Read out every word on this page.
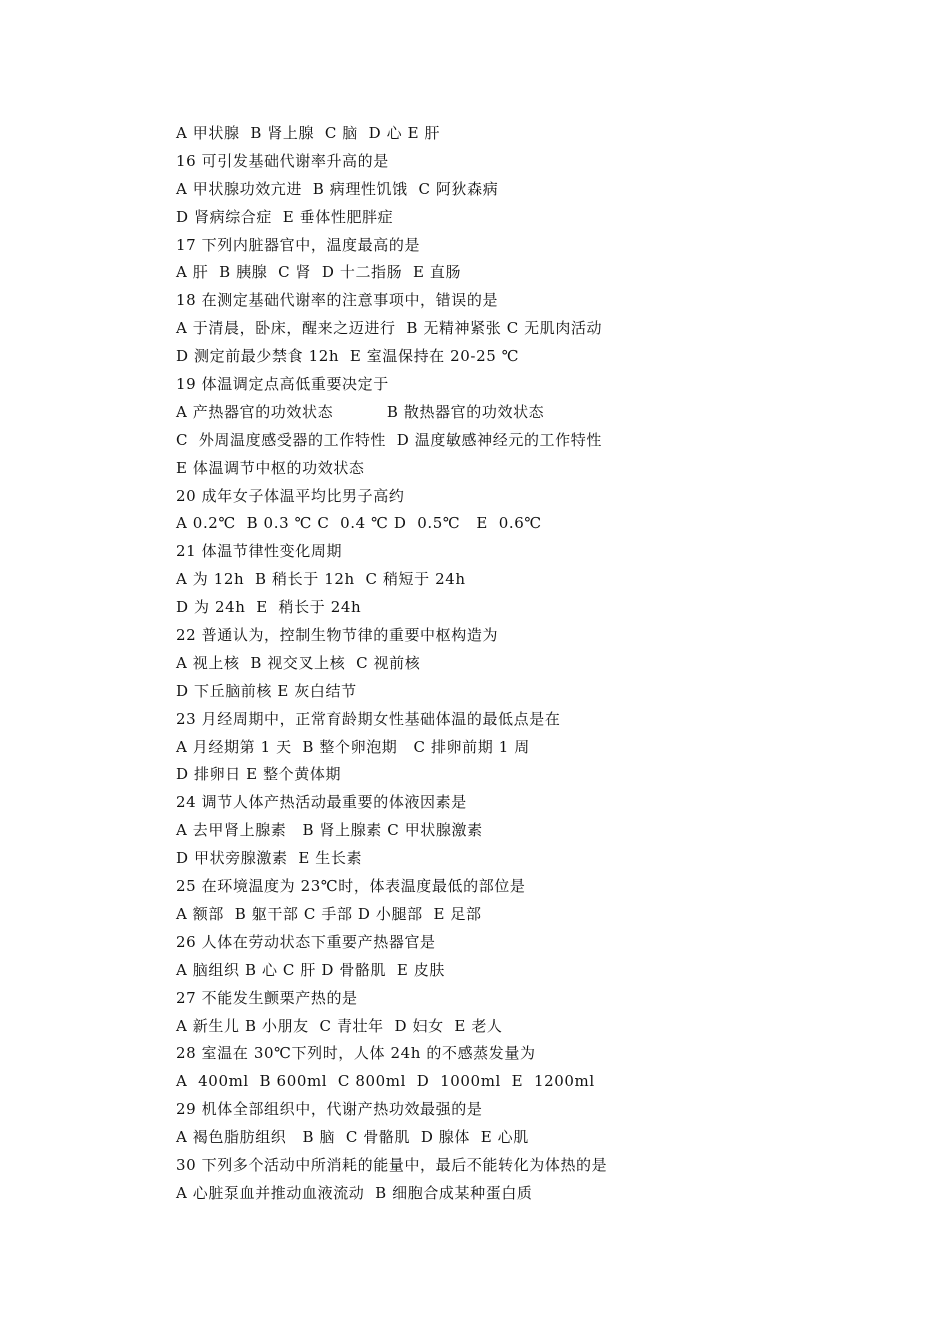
A 甲状腺  B 肾上腺  C 脑  D 心 E 肝
16 可引发基础代谢率升高的是
A 甲状腺功效亢进  B 病理性饥饿  C 阿狄森病
D 肾病综合症  E 垂体性肥胖症
17 下列内脏器官中，温度最高的是
A 肝  B 胰腺  C 肾  D 十二指肠  E 直肠
18 在测定基础代谢率的注意事项中，错误的是
A 于清晨，卧床，醒来之迈进行  B 无精神紧张 C 无肌肉活动
D 测定前最少禁食 12h  E 室温保持在 20-25 ℃
19 体温调定点高低重要决定于
A 产热器官的功效状态          B 散热器官的功效状态
C  外周温度感受器的工作特性  D 温度敏感神经元的工作特性
E 体温调节中枢的功效状态
20 成年女子体温平均比男子高约
A 0.2℃  B 0.3 ℃ C  0.4 ℃ D  0.5℃   E  0.6℃
21 体温节律性变化周期
A 为 12h  B 稍长于 12h  C 稍短于 24h
D 为 24h  E  稍长于 24h
22 普通认为，控制生物节律的重要中枢构造为
A 视上核  B 视交叉上核  C 视前核
D 下丘脑前核 E 灰白结节
23 月经周期中，正常育龄期女性基础体温的最低点是在
A 月经期第 1 天  B 整个卵泡期   C 排卵前期 1 周
D 排卵日 E 整个黄体期
24 调节人体产热活动最重要的体液因素是
A 去甲肾上腺素   B 肾上腺素 C 甲状腺激素
D 甲状旁腺激素  E 生长素
25 在环境温度为 23℃时，体表温度最低的部位是
A 额部  B 躯干部 C 手部 D 小腿部  E 足部
26 人体在劳动状态下重要产热器官是
A 脑组织 B 心 C 肝 D 骨骼肌  E 皮肤
27 不能发生颤栗产热的是
A 新生儿 B 小朋友  C 青壮年  D 妇女  E 老人
28 室温在 30℃下列时，人体 24h 的不感蒸发量为
A  400ml  B 600ml  C 800ml  D  1000ml  E  1200ml
29 机体全部组织中，代谢产热功效最强的是
A 褐色脂肪组织   B 脑  C 骨骼肌  D 腺体  E 心肌
30 下列多个活动中所消耗的能量中，最后不能转化为体热的是
A 心脏泵血并推动血液流动  B 细胞合成某种蛋白质
